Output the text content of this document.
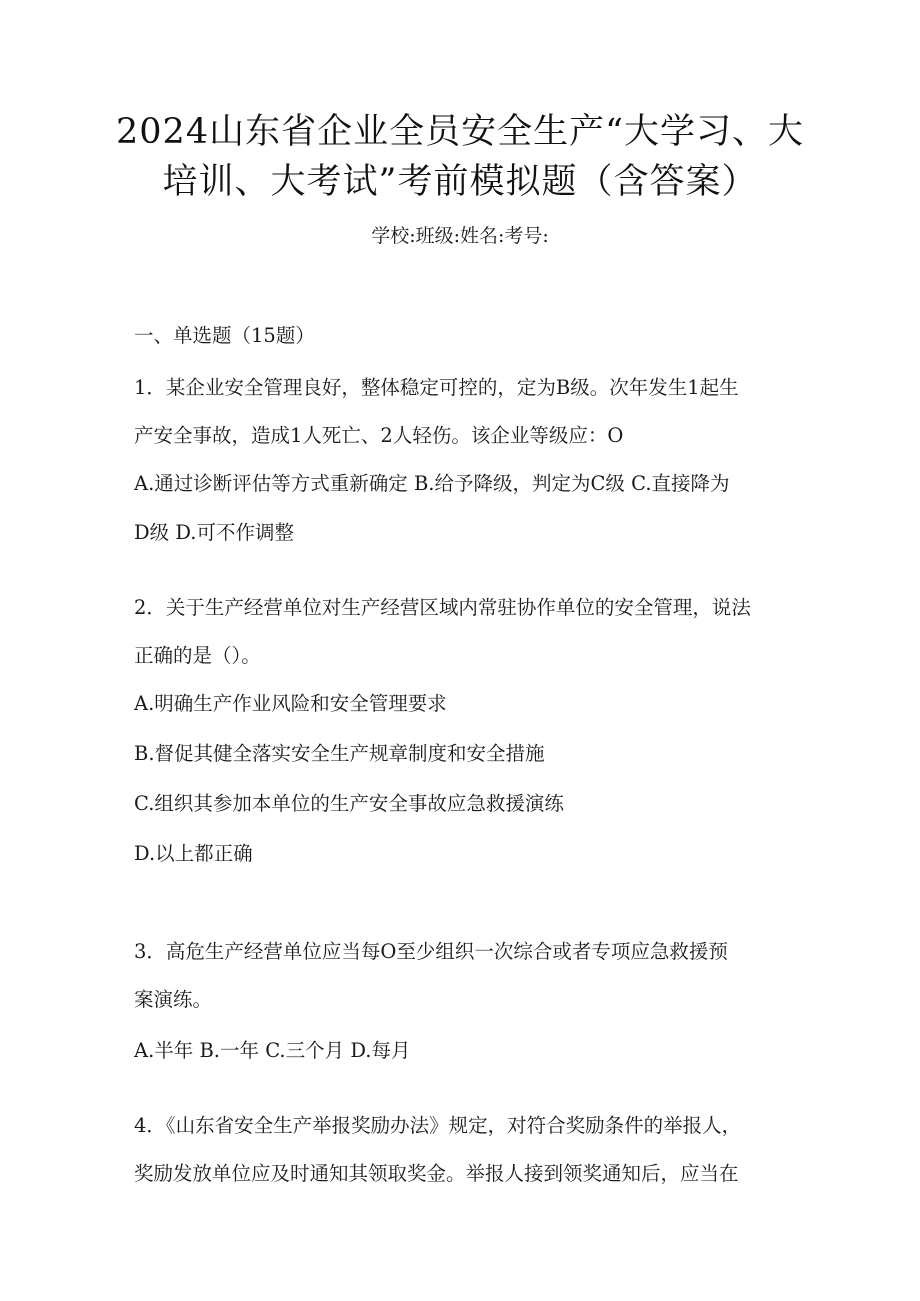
2024山东省企业全员安全生产“大学习、大
培训、大考试”考前模拟题（含答案）
学校:班级:姓名:考号:
一、单选题（15题）
1．某企业安全管理良好，整体稳定可控的，定为B级。次年发生1起生
产安全事故，造成1人死亡、2人轻伤。该企业等级应：O
A.通过诊断评估等方式重新确定 B.给予降级，判定为C级 C.直接降为
D级 D.可不作调整
2．关于生产经营单位对生产经营区域内常驻协作单位的安全管理，说法
正确的是（）。
A.明确生产作业风险和安全管理要求
B.督促其健全落实安全生产规章制度和安全措施
C.组织其参加本单位的生产安全事故应急救援演练
D.以上都正确
3．高危生产经营单位应当每O至少组织一次综合或者专项应急救援预
案演练。
A.半年 B.一年 C.三个月 D.每月
4．《山东省安全生产举报奖励办法》规定，对符合奖励条件的举报人，
奖励发放单位应及时通知其领取奖金。举报人接到领奖通知后，应当在
